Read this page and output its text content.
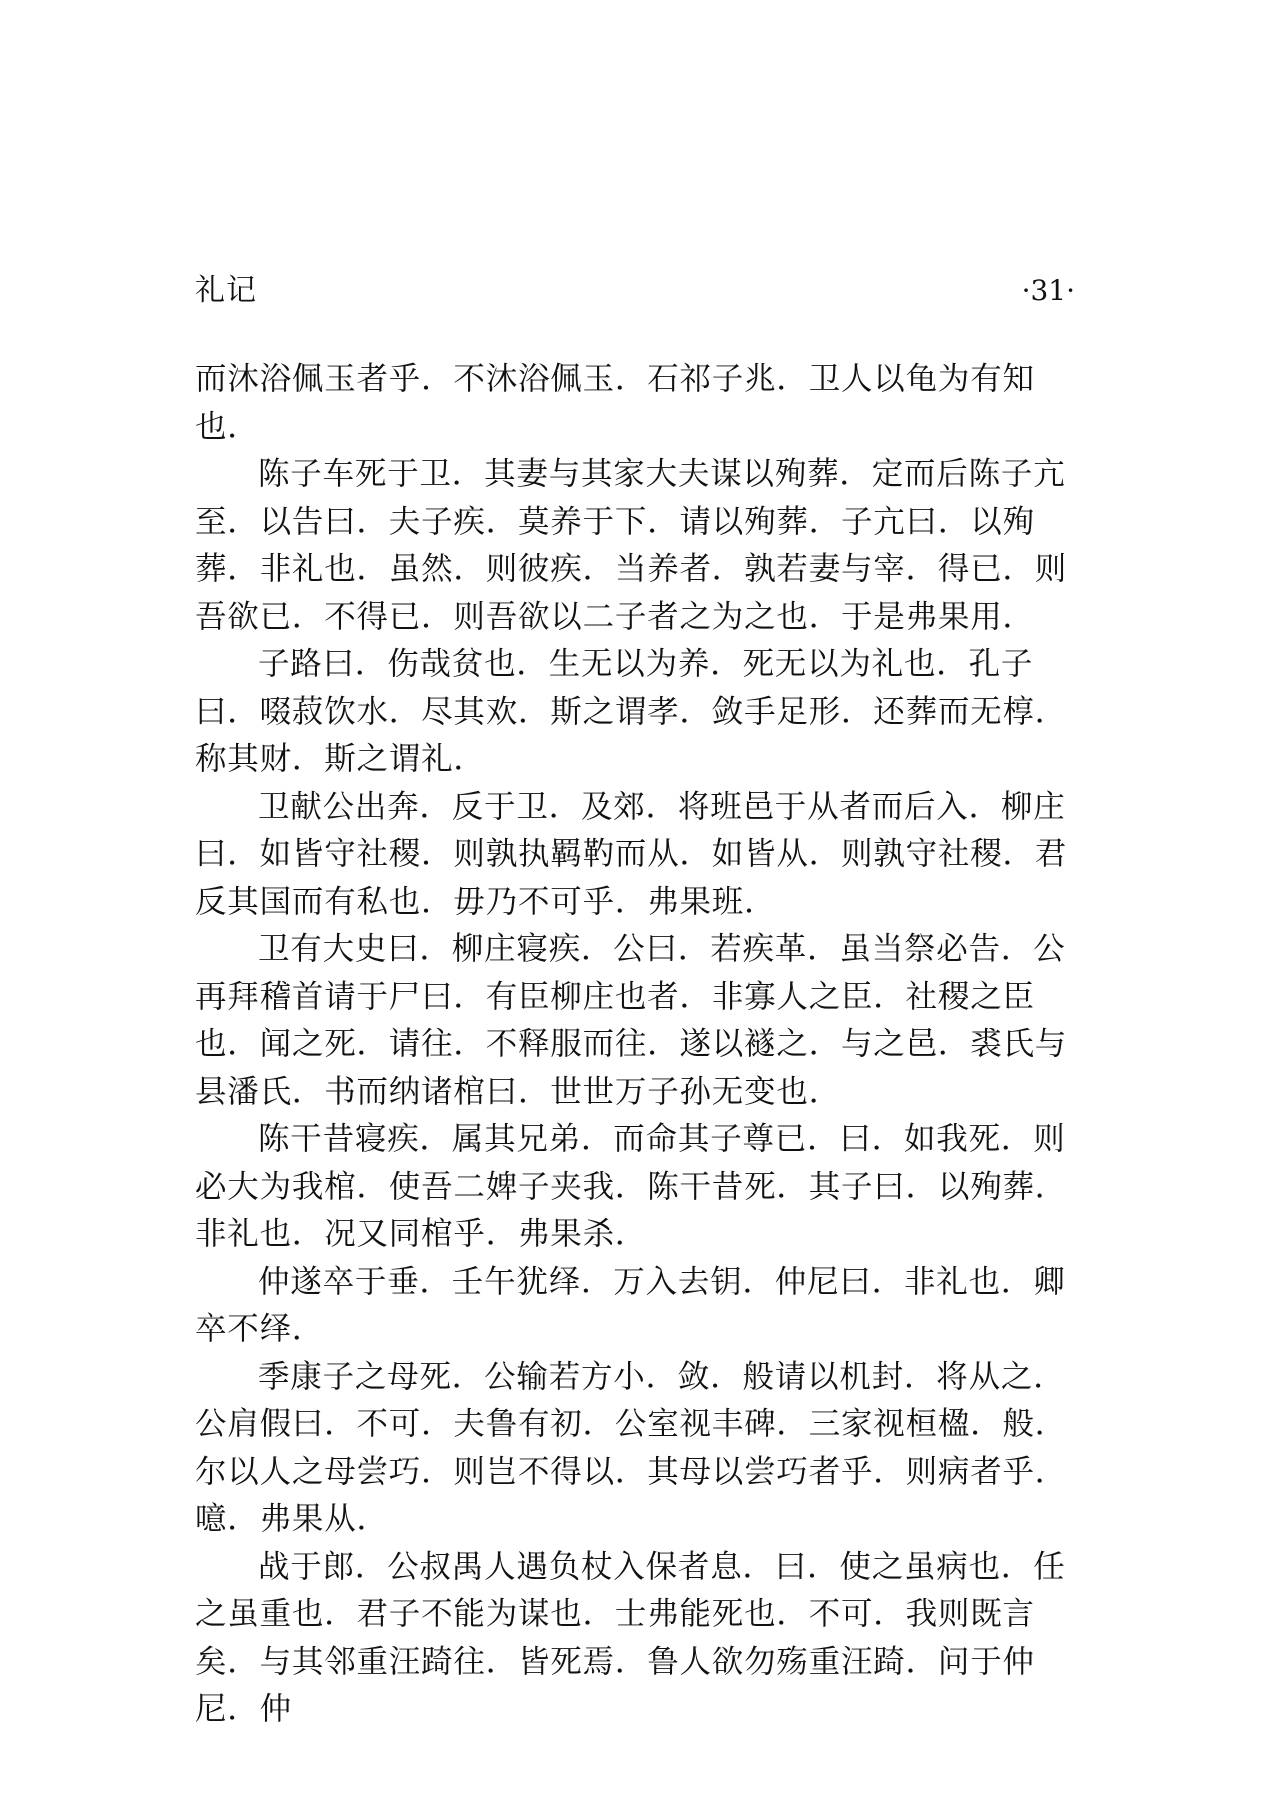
礼记	·31·

而沐浴佩玉者乎．不沐浴佩玉．石祁子兆．卫人以龟为有知也．

陈子车死于卫．其妻与其家大夫谋以殉葬．定而后陈子亢至．以告曰．夫子疾．莫养于下．请以殉葬．子亢曰．以殉葬．非礼也．虽然．则彼疾．当养者．孰若妻与宰．得已．则吾欲已．不得已．则吾欲以二子者之为之也．于是弗果用．

子路曰．伤哉贫也．生无以为养．死无以为礼也．孔子曰．啜菽饮水．尽其欢．斯之谓孝．敛手足形．还葬而无椁．称其财．斯之谓礼．

卫献公出奔．反于卫．及郊．将班邑于从者而后入．柳庄曰．如皆守社稷．则孰执羁靮而从．如皆从．则孰守社稷．君反其国而有私也．毋乃不可乎．弗果班．

卫有大史曰．柳庄寝疾．公曰．若疾革．虽当祭必告．公再拜稽首请于尸曰．有臣柳庄也者．非寡人之臣．社稷之臣也．闻之死．请往．不释服而往．遂以襚之．与之邑．裘氏与县潘氏．书而纳诸棺曰．世世万子孙无变也．

陈干昔寝疾．属其兄弟．而命其子尊已．曰．如我死．则必大为我棺．使吾二婢子夹我．陈干昔死．其子曰．以殉葬．非礼也．况又同棺乎．弗果杀．

仲遂卒于垂．壬午犹绎．万入去钥．仲尼曰．非礼也．卿卒不绎．

季康子之母死．公输若方小．敛．般请以机封．将从之．公肩假曰．不可．夫鲁有初．公室视丰碑．三家视桓楹．般．尔以人之母尝巧．则岂不得以．其母以尝巧者乎．则病者乎．噫．弗果从．

战于郎．公叔禺人遇负杖入保者息．曰．使之虽病也．任之虽重也．君子不能为谋也．士弗能死也．不可．我则既言矣．与其邻重汪踦往．皆死焉．鲁人欲勿殇重汪踦．问于仲尼．仲
